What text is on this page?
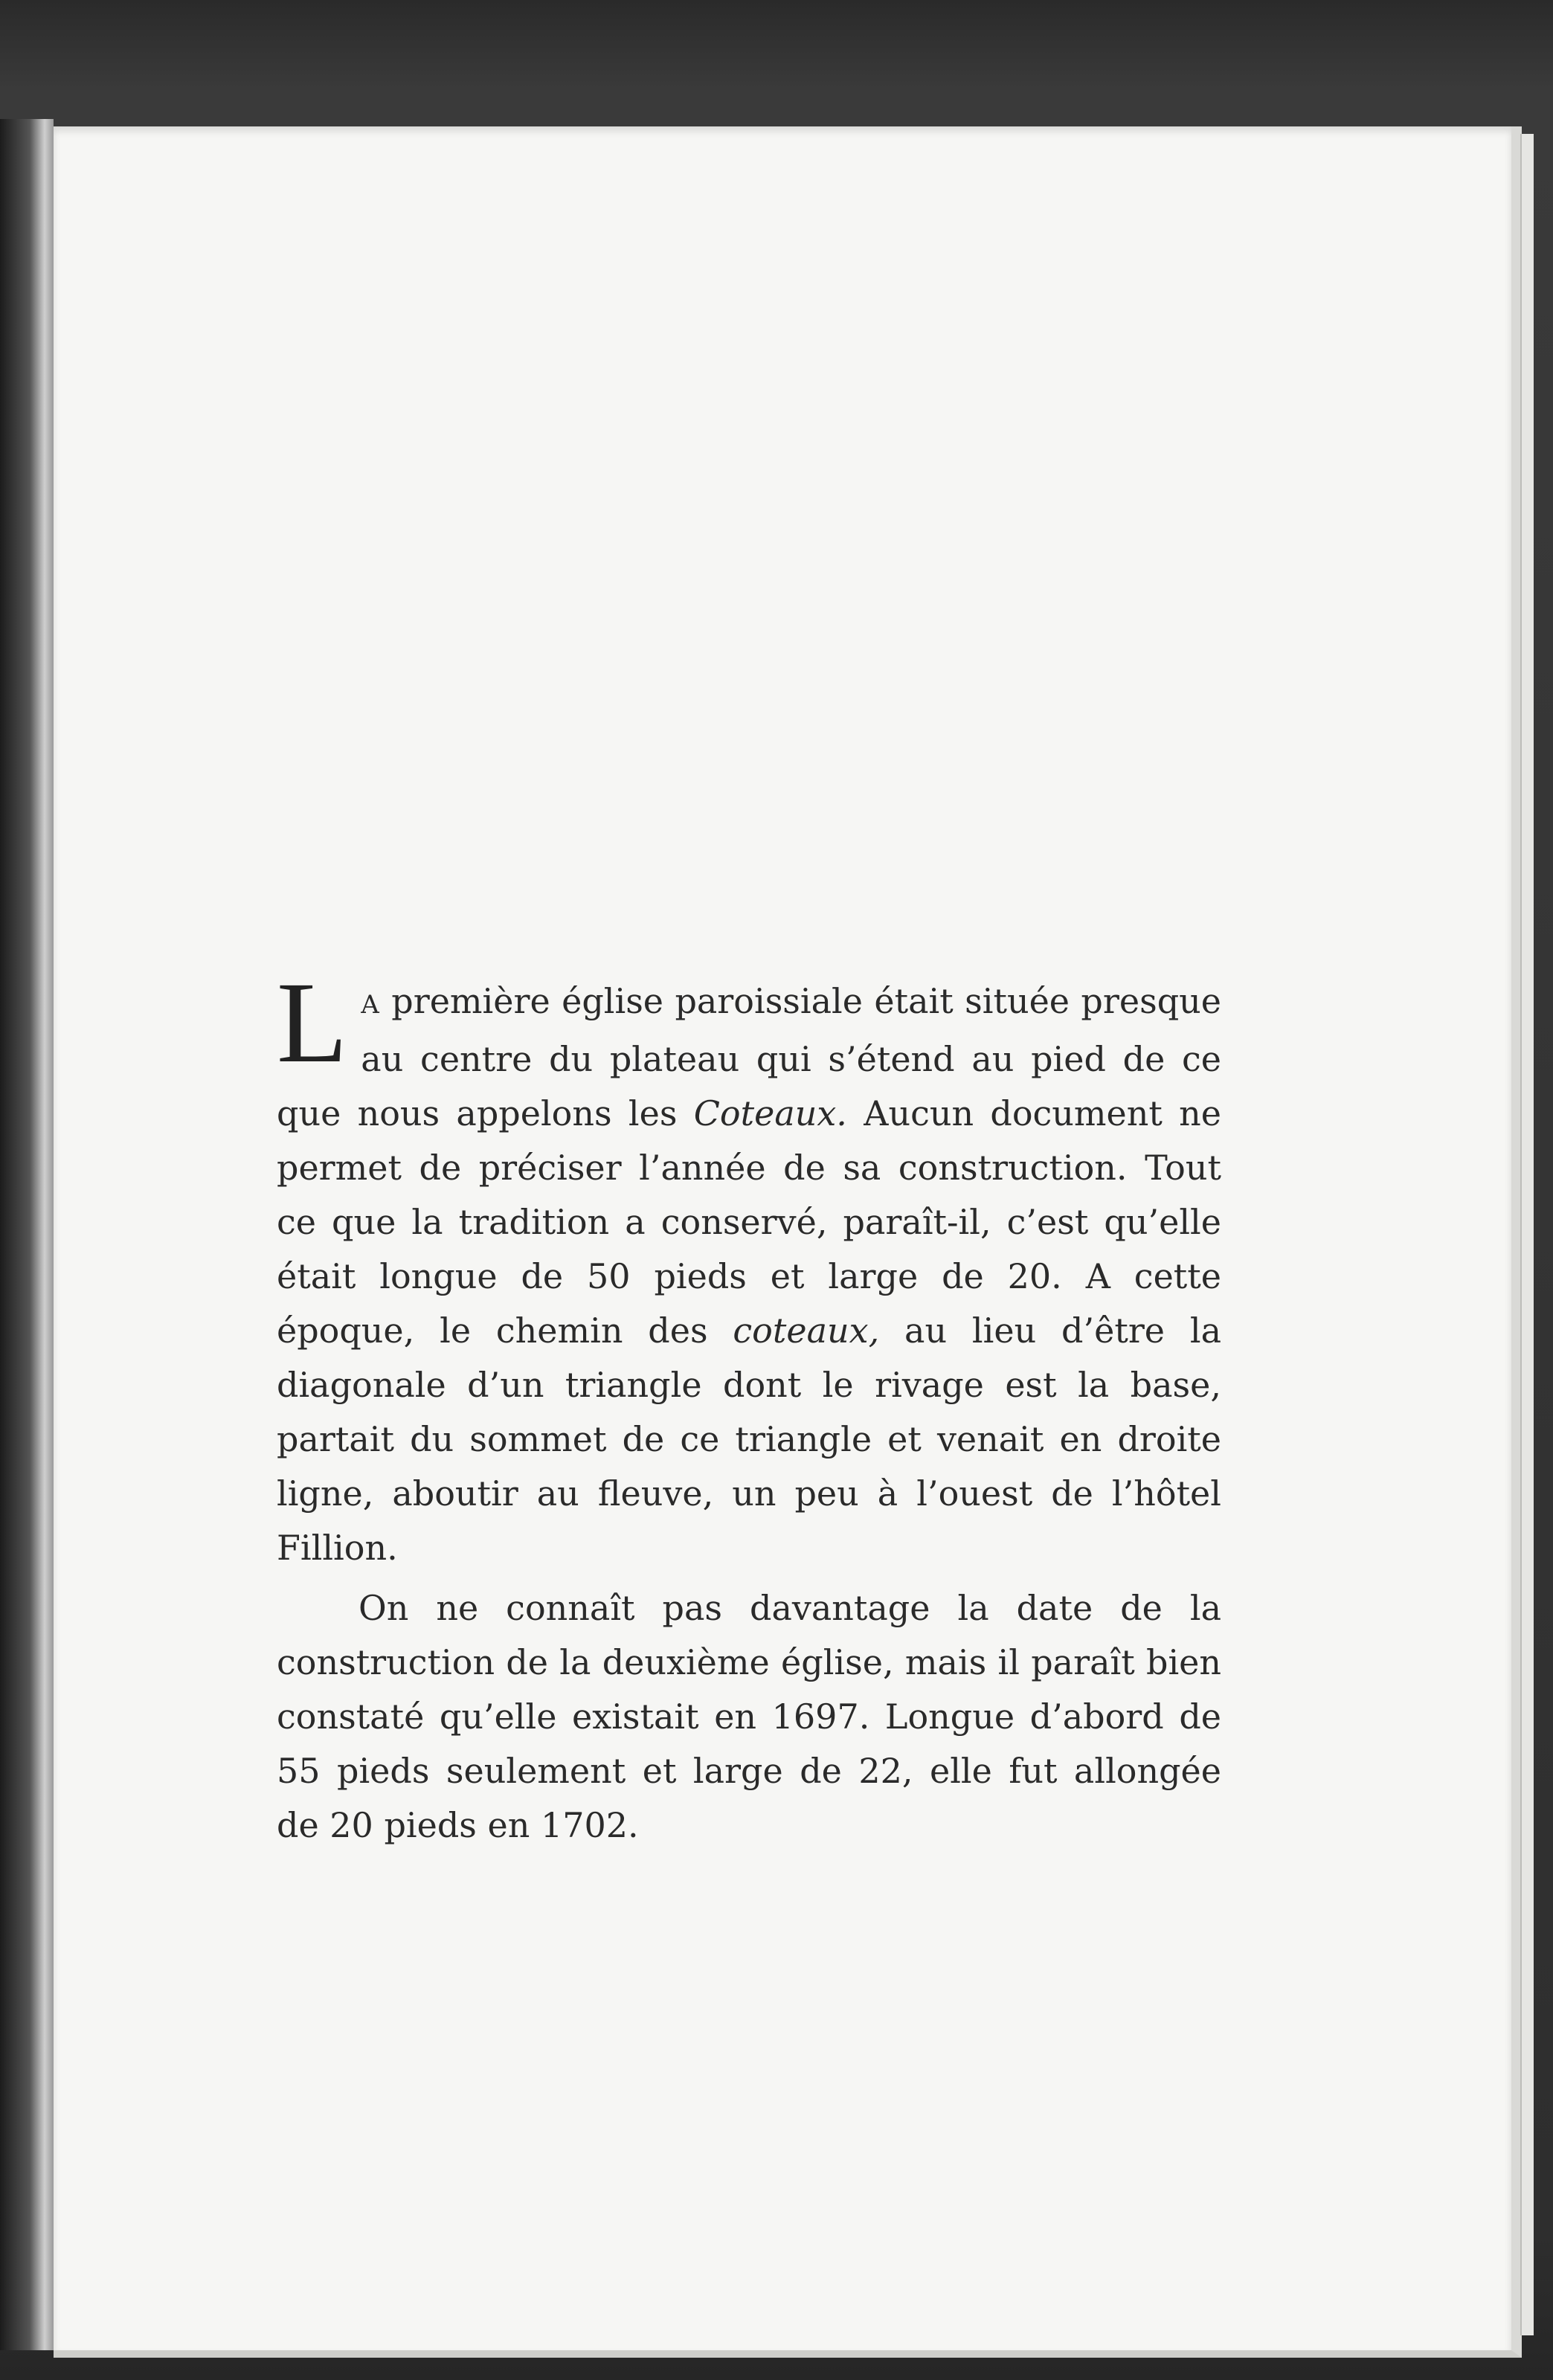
L A première église paroissiale était située presque au centre du plateau qui s’étend au pied de ce que nous appelons les Coteaux. Aucun document ne permet de préciser l’année de sa construction. Tout ce que la tradition a conservé, paraît-il, c’est qu’elle était longue de 50 pieds et large de 20. A cette époque, le chemin des coteaux, au lieu d’être la diagonale d’un triangle dont le rivage est la base, partait du sommet de ce triangle et venait en droite ligne, aboutir au fleuve, un peu à l’ouest de l’hôtel Fillion.

On ne connaît pas davantage la date de la construction de la deuxième église, mais il paraît bien constaté qu’elle existait en 1697. Longue d’abord de 55 pieds seulement et large de 22, elle fut allongée de 20 pieds en 1702.
